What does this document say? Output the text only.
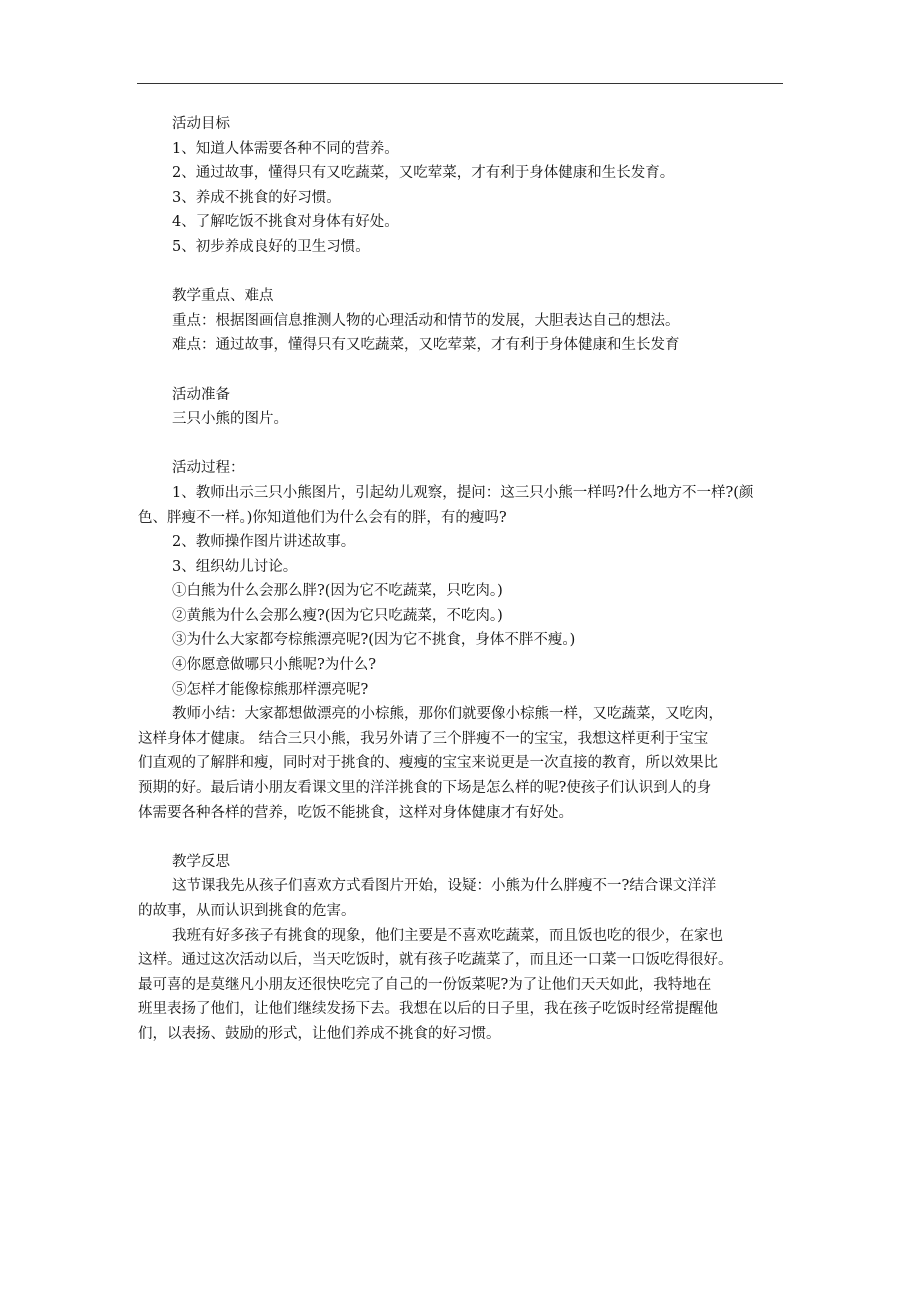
活动目标

1、知道人体需要各种不同的营养。

2、通过故事，懂得只有又吃蔬菜，又吃荤菜，才有利于身体健康和生长发育。

3、养成不挑食的好习惯。

4、了解吃饭不挑食对身体有好处。

5、初步养成良好的卫生习惯。

教学重点、难点

重点：根据图画信息推测人物的心理活动和情节的发展，大胆表达自己的想法。

难点：通过故事，懂得只有又吃蔬菜，又吃荤菜，才有利于身体健康和生长发育

活动准备

三只小熊的图片。

活动过程：

1、教师出示三只小熊图片，引起幼儿观察，提问：这三只小熊一样吗?什么地方不一样?(颜

色、胖瘦不一样。)你知道他们为什么会有的胖，有的瘦吗?

2、教师操作图片讲述故事。

3、组织幼儿讨论。

①白熊为什么会那么胖?(因为它不吃蔬菜，只吃肉。)

②黄熊为什么会那么瘦?(因为它只吃蔬菜，不吃肉。)

③为什么大家都夸棕熊漂亮呢?(因为它不挑食，身体不胖不瘦。)

④你愿意做哪只小熊呢?为什么?

⑤怎样才能像棕熊那样漂亮呢?

教师小结：大家都想做漂亮的小棕熊，那你们就要像小棕熊一样，又吃蔬菜，又吃肉，

这样身体才健康。 结合三只小熊，我另外请了三个胖瘦不一的宝宝，我想这样更利于宝宝

们直观的了解胖和瘦，同时对于挑食的、瘦瘦的宝宝来说更是一次直接的教育，所以效果比

预期的好。最后请小朋友看课文里的洋洋挑食的下场是怎么样的呢?使孩子们认识到人的身

体需要各种各样的营养，吃饭不能挑食，这样对身体健康才有好处。

教学反思

这节课我先从孩子们喜欢方式看图片开始，设疑：小熊为什么胖瘦不一?结合课文洋洋

的故事，从而认识到挑食的危害。

我班有好多孩子有挑食的现象，他们主要是不喜欢吃蔬菜，而且饭也吃的很少，在家也

这样。通过这次活动以后，当天吃饭时，就有孩子吃蔬菜了，而且还一口菜一口饭吃得很好。

最可喜的是莫继凡小朋友还很快吃完了自己的一份饭菜呢?为了让他们天天如此，我特地在

班里表扬了他们，让他们继续发扬下去。我想在以后的日子里，我在孩子吃饭时经常提醒他

们，以表扬、鼓励的形式，让他们养成不挑食的好习惯。
